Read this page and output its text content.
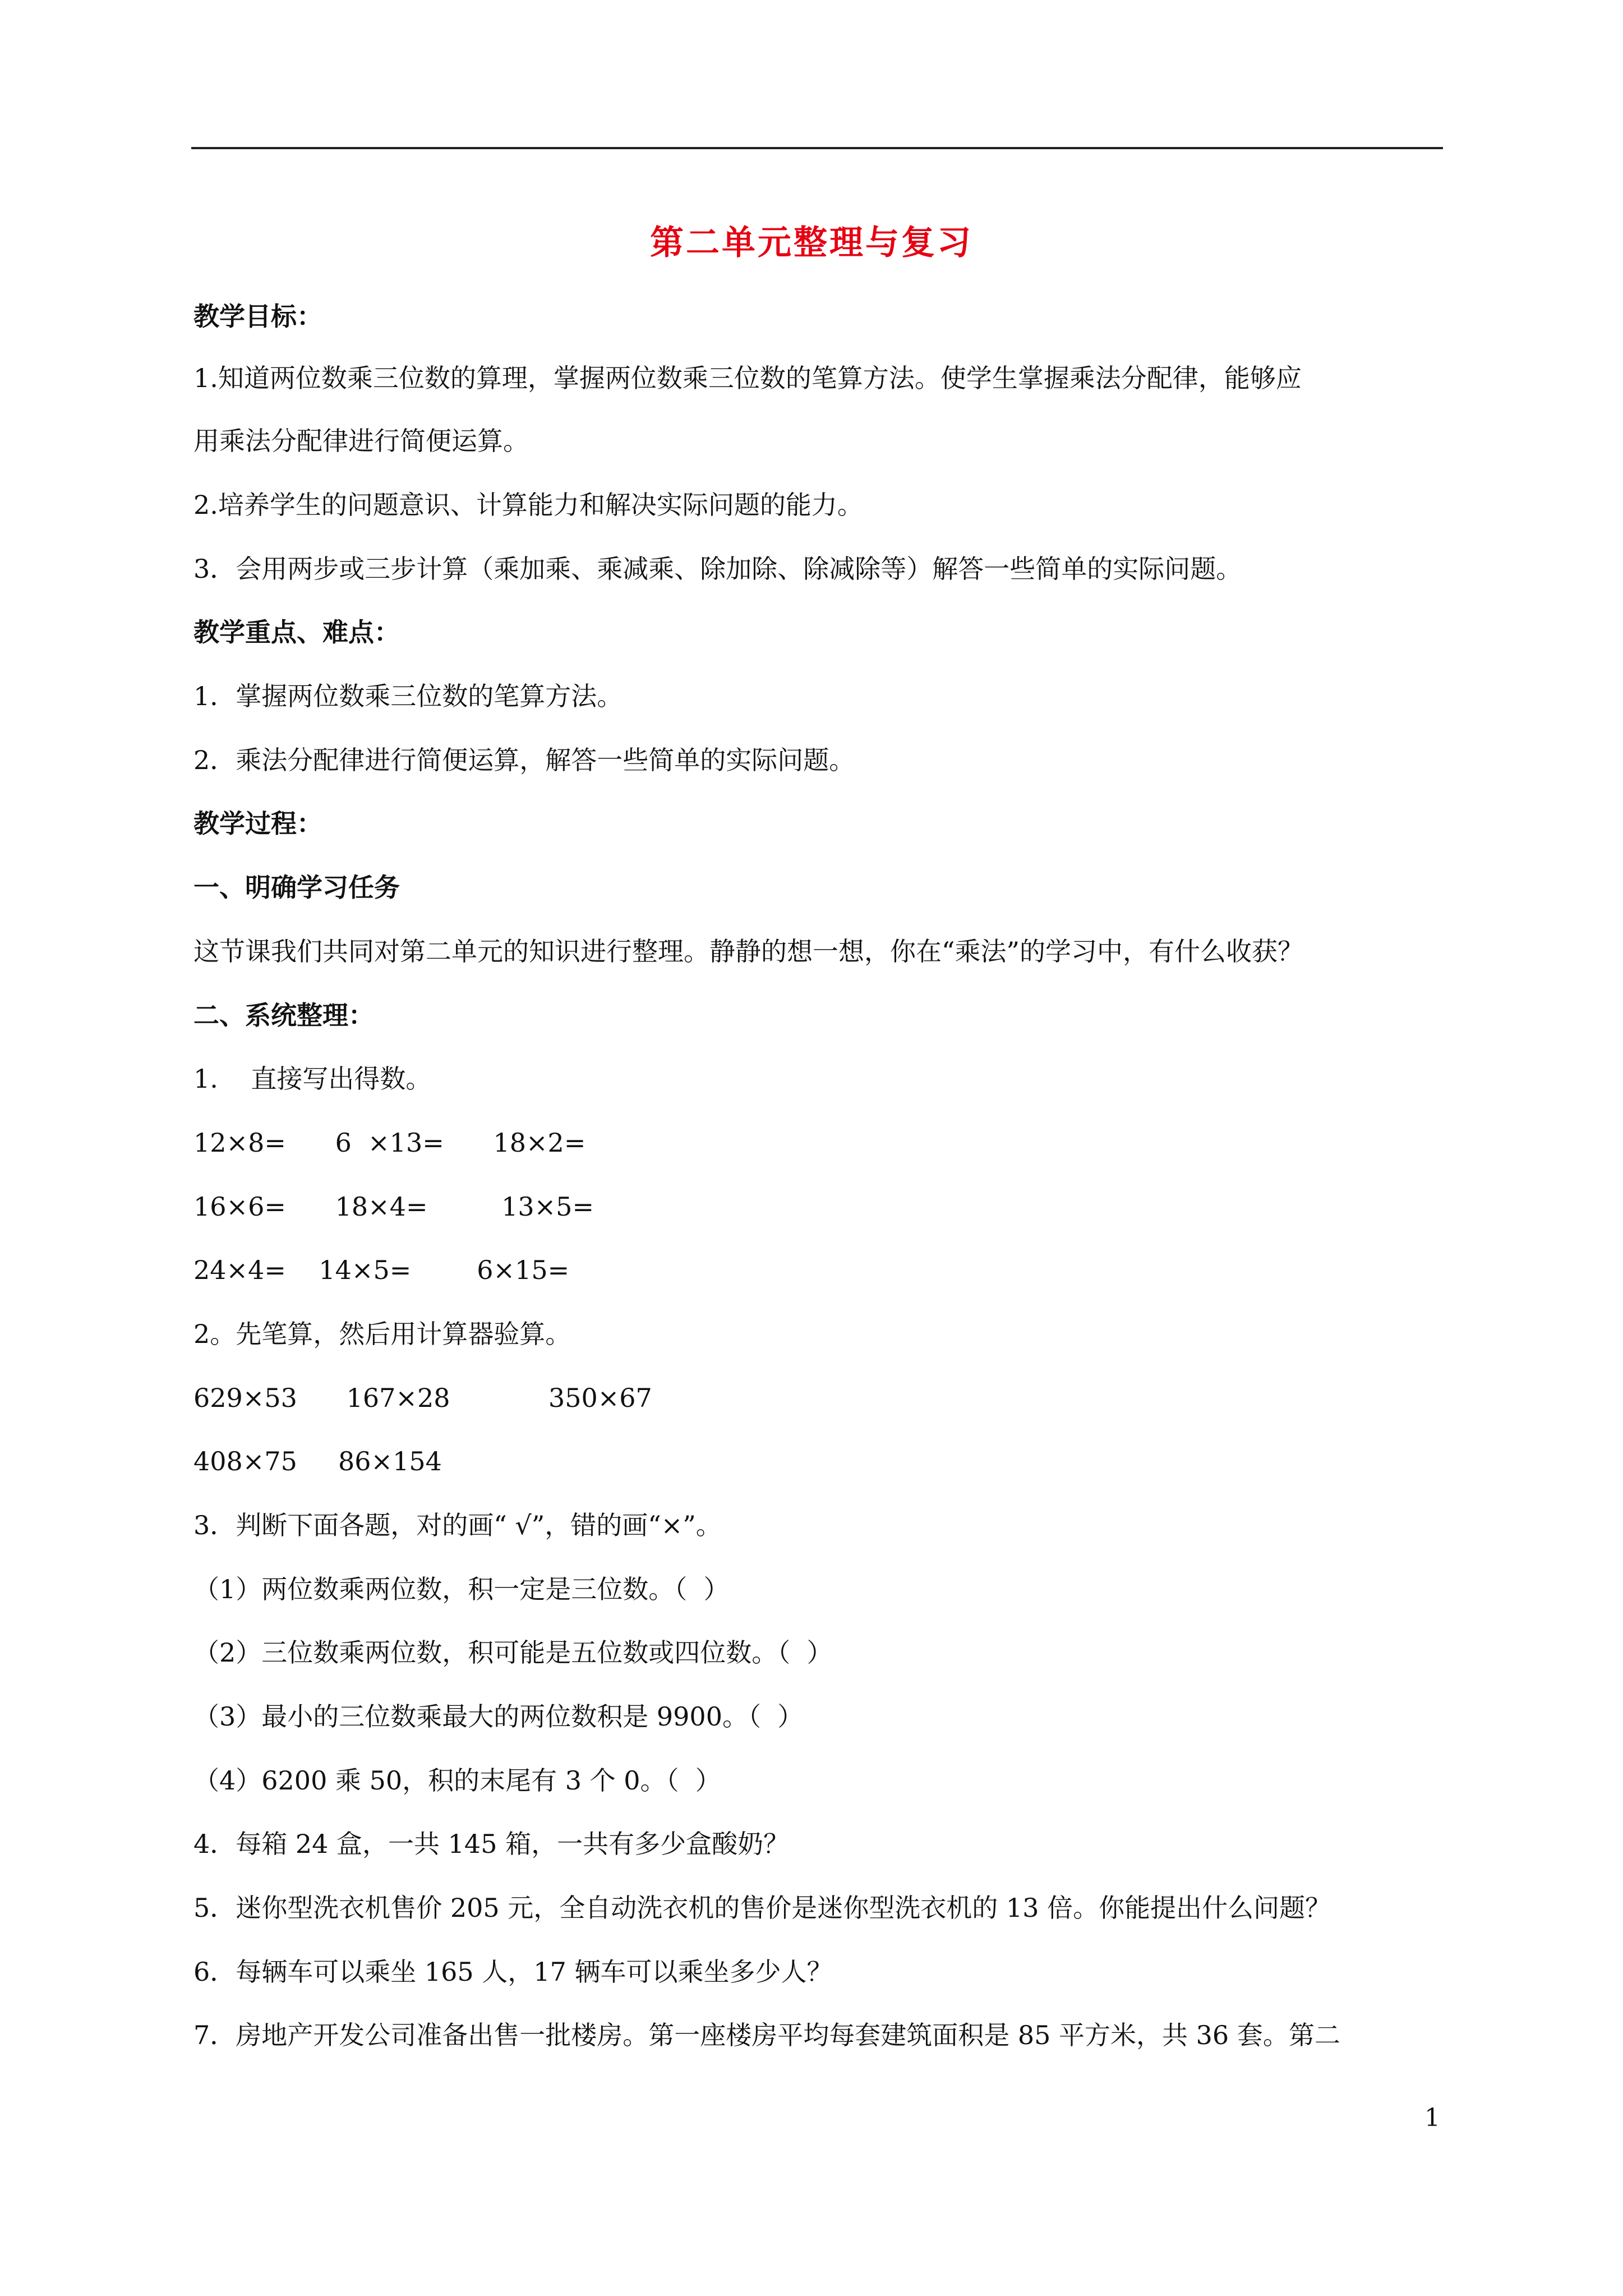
第二单元整理与复习

教学目标：

1.知道两位数乘三位数的算理，掌握两位数乘三位数的笔算方法。使学生掌握乘法分配律，能够应

用乘法分配律进行简便运算。

2.培养学生的问题意识、计算能力和解决实际问题的能力。

3．会用两步或三步计算（乘加乘、乘减乘、除加除、除减除等）解答一些简单的实际问题。

教学重点、难点：

1．掌握两位数乘三位数的笔算方法。

2．乘法分配律进行简便运算，解答一些简单的实际问题。

教学过程：

一、明确学习任务

这节课我们共同对第二单元的知识进行整理。静静的想一想，你在“乘法”的学习中，有什么收获？

二、系统整理：

1.    直接写出得数。

12×8=      6  ×13=      18×2=

16×6=      18×4=         13×5=

24×4=    14×5=        6×15=

2。先笔算，然后用计算器验算。

629×53      167×28            350×67

408×75     86×154

3．判断下面各题，对的画“ √”，错的画“×”。

（1）两位数乘两位数，积一定是三位数。（  ）

（2）三位数乘两位数，积可能是五位数或四位数。（  ）

（3）最小的三位数乘最大的两位数积是 9900。（  ）

（4）6200 乘 50，积的末尾有 3 个 0。（  ）

4．每箱 24 盒，一共 145 箱，一共有多少盒酸奶？

5．迷你型洗衣机售价 205 元，全自动洗衣机的售价是迷你型洗衣机的 13 倍。你能提出什么问题？

6．每辆车可以乘坐 165 人，17 辆车可以乘坐多少人？

7．房地产开发公司准备出售一批楼房。第一座楼房平均每套建筑面积是 85 平方米，共 36 套。第二

1
